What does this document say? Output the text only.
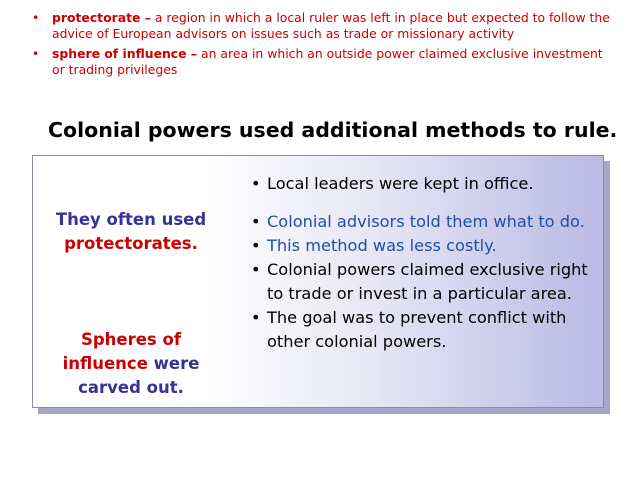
• protectorate – a region in which a local ruler was left in place but expected to follow the advice of European advisors on issues such as trade or missionary activity
• sphere of influence – an area in which an outside power claimed exclusive investment or trading privileges
Colonial powers used additional methods to rule.
They often used
protectorates.
Spheres of
influence were
carved out.
• Local leaders were kept in office.
• Colonial advisors told them what to do.
• This method was less costly.
• Colonial powers claimed exclusive right to trade or invest in a particular area.
• The goal was to prevent conflict with other colonial powers.
